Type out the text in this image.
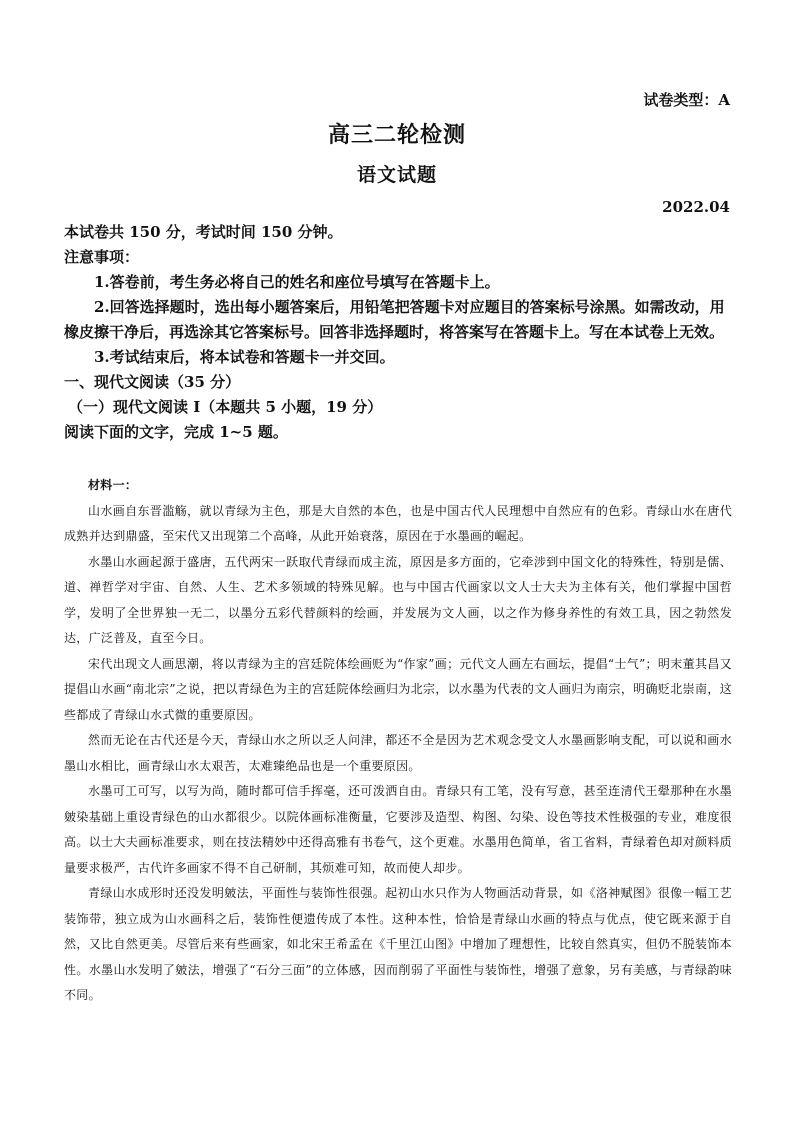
试卷类型：A
高三二轮检测
语文试题
2022.04

本试卷共 150 分，考试时间 150 分钟。

注意事项：

1.答卷前，考生务必将自己的姓名和座位号填写在答题卡上。

2.回答选择题时，选出每小题答案后，用铅笔把答题卡对应题目的答案标号涂黑。如需改动，用橡皮擦干净后，再选涂其它答案标号。回答非选择题时，将答案写在答题卡上。写在本试卷上无效。

3.考试结束后，将本试卷和答题卡一并交回。

一、现代文阅读（35 分）

（一）现代文阅读 I（本题共 5 小题，19 分）

阅读下面的文字，完成 1~5 题。

材料一：

山水画自东晋滥觞，就以青绿为主色，那是大自然的本色，也是中国古代人民理想中自然应有的色彩。青绿山水在唐代成熟并达到鼎盛，至宋代又出现第二个高峰，从此开始衰落，原因在于水墨画的崛起。

水墨山水画起源于盛唐，五代两宋一跃取代青绿而成主流，原因是多方面的，它牵涉到中国文化的特殊性，特别是儒、道、禅哲学对宇宙、自然、人生、艺术多领域的特殊见解。也与中国古代画家以文人士大夫为主体有关，他们掌握中国哲学，发明了全世界独一无二，以墨分五彩代替颜料的绘画，并发展为文人画，以之作为修身养性的有效工具，因之勃然发达，广泛普及，直至今日。

宋代出现文人画思潮，将以青绿为主的宫廷院体绘画贬为“作家”画；元代文人画左右画坛，提倡“士气”；明末董其昌又提倡山水画“南北宗”之说，把以青绿色为主的宫廷院体绘画归为北宗，以水墨为代表的文人画归为南宗，明确贬北崇南，这些都成了青绿山水式微的重要原因。

然而无论在古代还是今天，青绿山水之所以乏人问津，都还不全是因为艺术观念受文人水墨画影响支配，可以说和画水墨山水相比，画青绿山水太艰苦，太难臻绝品也是一个重要原因。

水墨可工可写，以写为尚，随时都可信手挥毫，还可泼洒自由。青绿只有工笔，没有写意，甚至连清代王翚那种在水墨皴染基础上重设青绿色的山水都很少。以院体画标准衡量，它要涉及造型、构图、勾染、设色等技术性极强的专业，难度很高。以士大夫画标准要求，则在技法精妙中还得高雅有书卷气，这个更难。水墨用色简单，省工省料，青绿着色却对颜料质量要求极严，古代许多画家不得不自己研制，其烦难可知，故而使人却步。

青绿山水成形时还没发明皴法，平面性与装饰性很强。起初山水只作为人物画活动背景，如《洛神赋图》很像一幅工艺装饰带，独立成为山水画科之后，装饰性便遗传成了本性。这种本性，恰恰是青绿山水画的特点与优点，使它既来源于自然，又比自然更美。尽管后来有些画家，如北宋王希孟在《千里江山图》中增加了理想性，比较自然真实，但仍不脱装饰本性。水墨山水发明了皴法，增强了“石分三面”的立体感，因而削弱了平面性与装饰性，增强了意象，另有美感，与青绿韵味不同。
